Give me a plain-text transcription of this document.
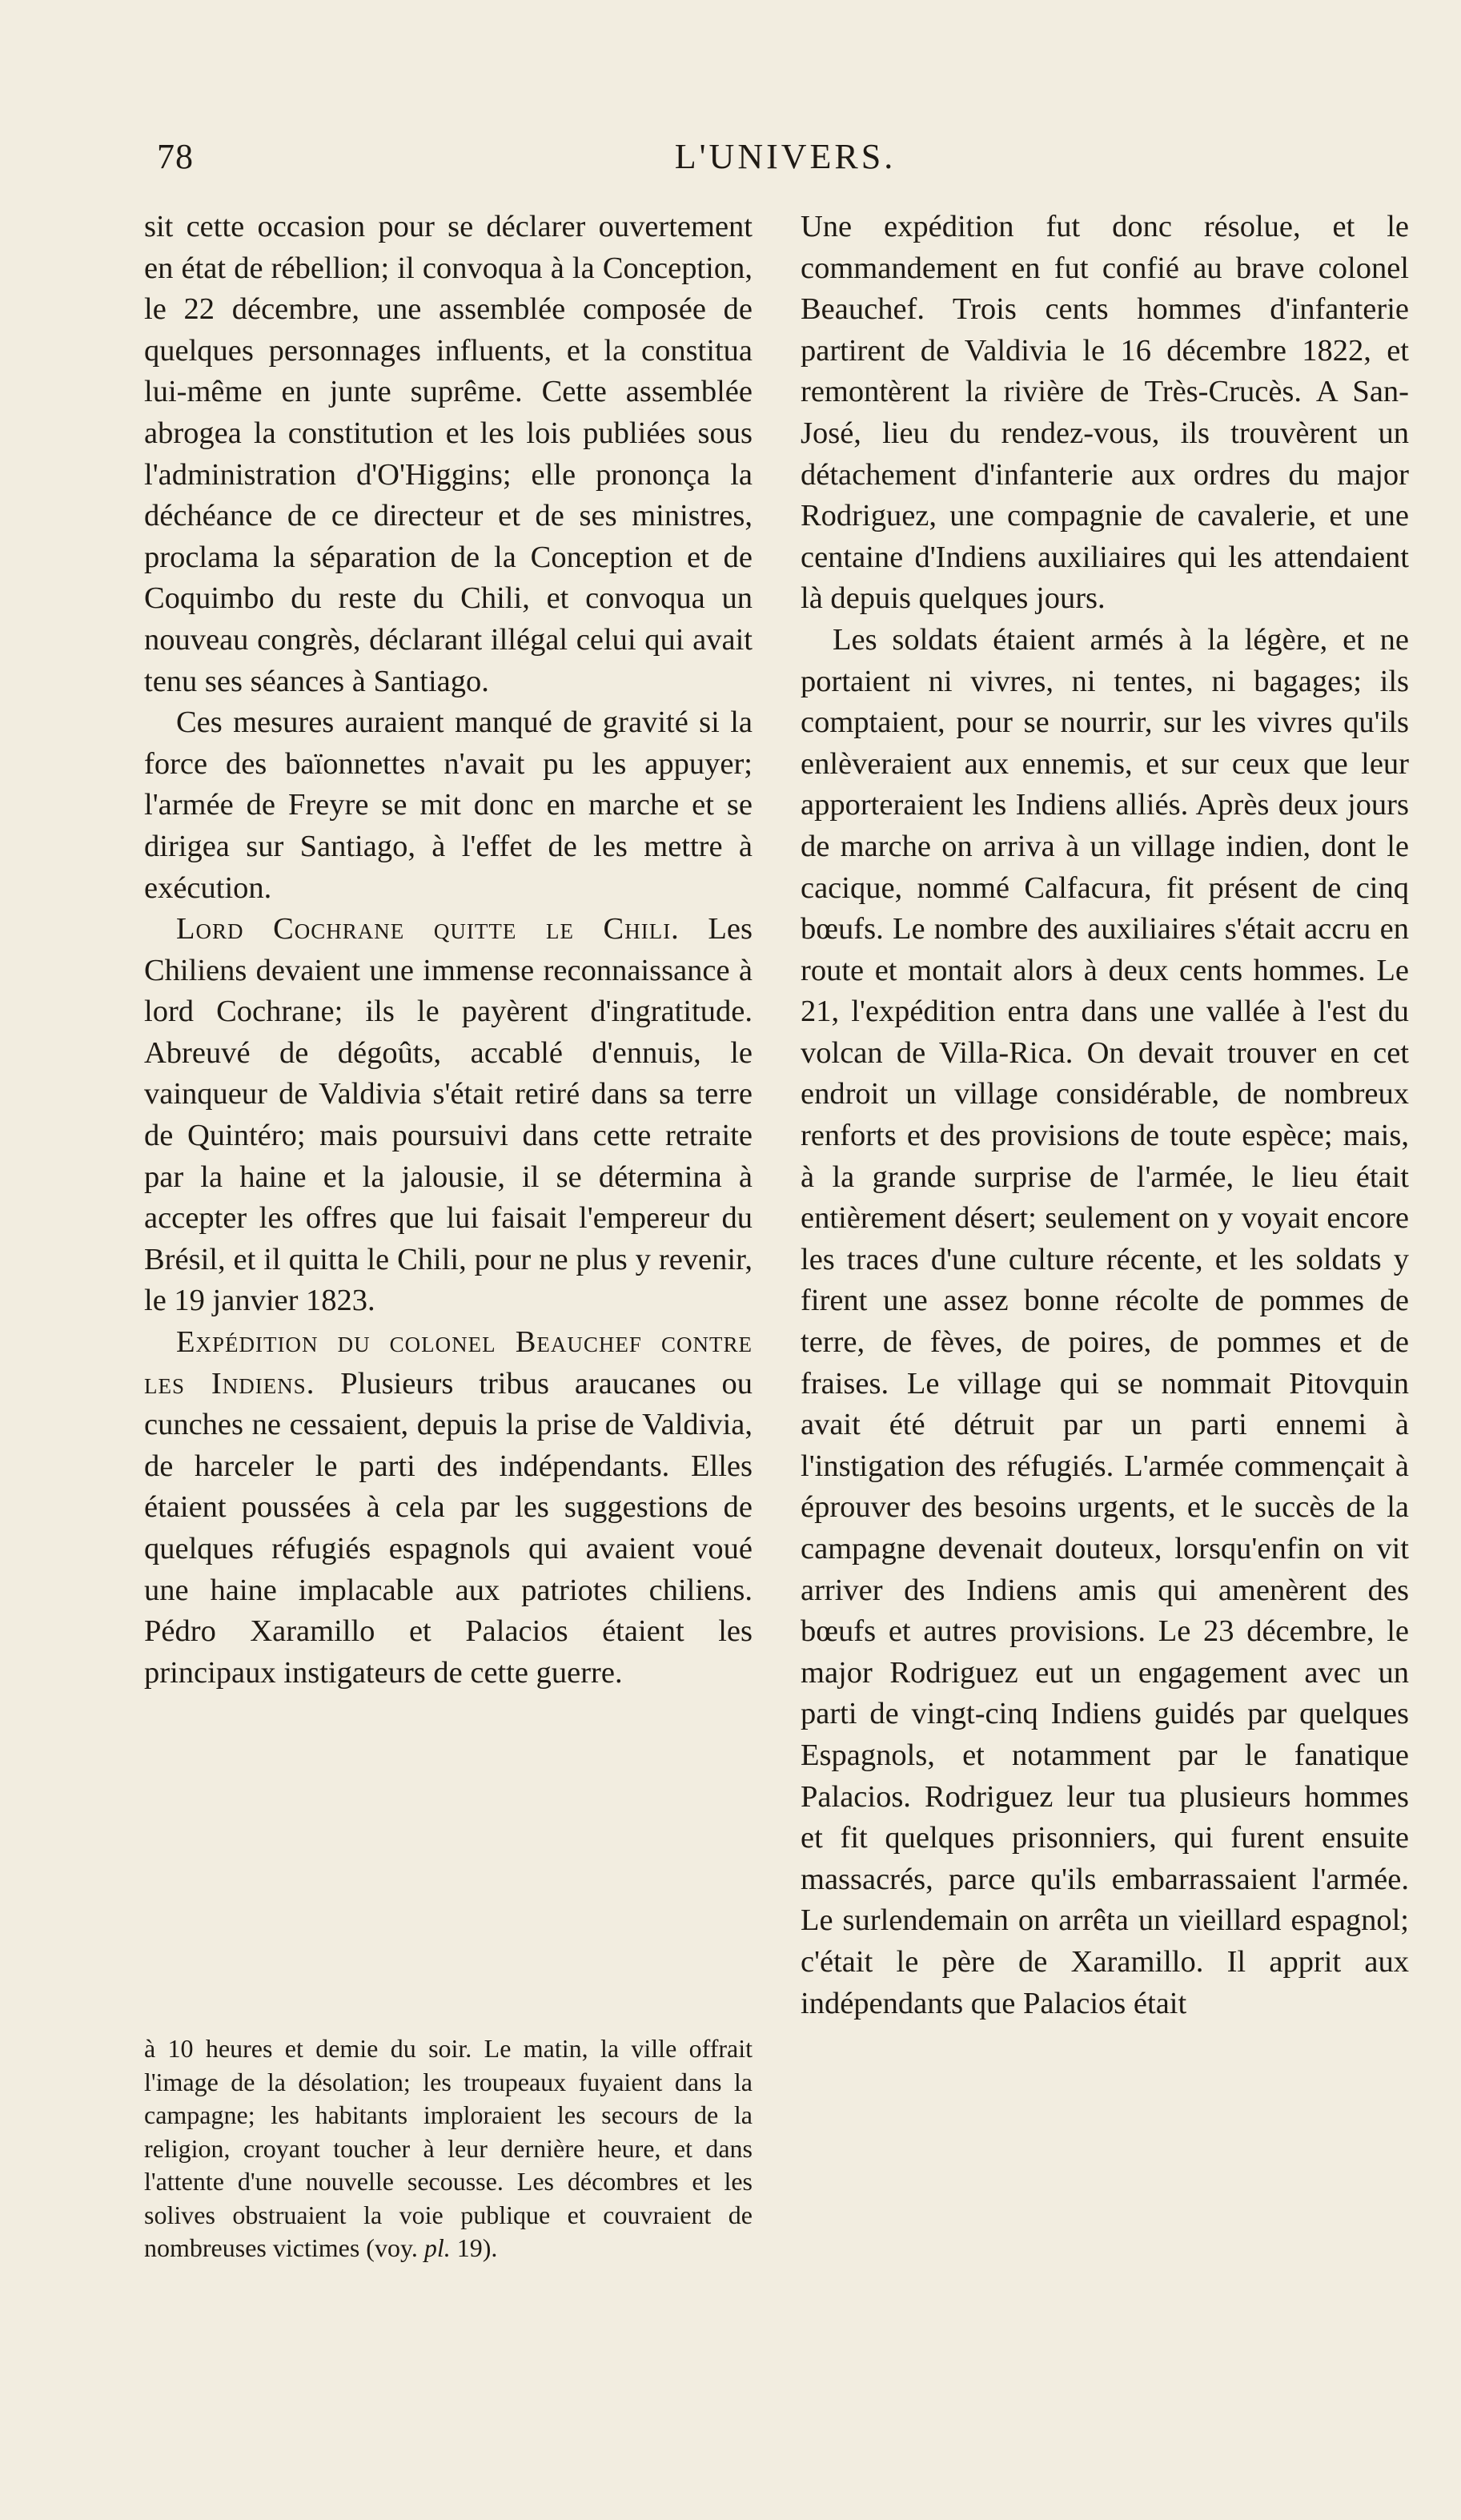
78	L'UNIVERS.

sit cette occasion pour se déclarer ouvertement en état de rébellion; il convoqua à la Conception, le 22 décembre, une assemblée composée de quelques personnages influents, et la constitua lui-même en junte suprême. Cette assemblée abrogea la constitution et les lois publiées sous l'administration d'O'Higgins; elle prononça la déchéance de ce directeur et de ses ministres, proclama la séparation de la Conception et de Coquimbo du reste du Chili, et convoqua un nouveau congrès, déclarant illégal celui qui avait tenu ses séances à Santiago.

Ces mesures auraient manqué de gravité si la force des baïonnettes n'avait pu les appuyer; l'armée de Freyre se mit donc en marche et se dirigea sur Santiago, à l'effet de les mettre à exécution.

Lord Cochrane quitte le Chili. Les Chiliens devaient une immense reconnaissance à lord Cochrane; ils le payèrent d'ingratitude. Abreuvé de dégoûts, accablé d'ennuis, le vainqueur de Valdivia s'était retiré dans sa terre de Quintéro; mais poursuivi dans cette retraite par la haine et la jalousie, il se détermina à accepter les offres que lui faisait l'empereur du Brésil, et il quitta le Chili, pour ne plus y revenir, le 19 janvier 1823.

Expédition du colonel Beauchef contre les Indiens. Plusieurs tribus araucanes ou cunches ne cessaient, depuis la prise de Valdivia, de harceler le parti des indépendants. Elles étaient poussées à cela par les suggestions de quelques réfugiés espagnols qui avaient voué une haine implacable aux patriotes chiliens. Pédro Xaramillo et Palacios étaient les principaux instigateurs de cette guerre.

à 10 heures et demie du soir. Le matin, la ville offrait l'image de la désolation; les troupeaux fuyaient dans la campagne; les habitants imploraient les secours de la religion, croyant toucher à leur dernière heure, et dans l'attente d'une nouvelle secousse. Les décombres et les solives obstruaient la voie publique et couvraient de nombreuses victimes (voy. pl. 19).

Une expédition fut donc résolue, et le commandement en fut confié au brave colonel Beauchef. Trois cents hommes d'infanterie partirent de Valdivia le 16 décembre 1822, et remontèrent la rivière de Très-Crucès. A San-José, lieu du rendez-vous, ils trouvèrent un détachement d'infanterie aux ordres du major Rodriguez, une compagnie de cavalerie, et une centaine d'Indiens auxiliaires qui les attendaient là depuis quelques jours.

Les soldats étaient armés à la légère, et ne portaient ni vivres, ni tentes, ni bagages; ils comptaient, pour se nourrir, sur les vivres qu'ils enlèveraient aux ennemis, et sur ceux que leur apporteraient les Indiens alliés. Après deux jours de marche on arriva à un village indien, dont le cacique, nommé Calfacura, fit présent de cinq bœufs. Le nombre des auxiliaires s'était accru en route et montait alors à deux cents hommes. Le 21, l'expédition entra dans une vallée à l'est du volcan de Villa-Rica. On devait trouver en cet endroit un village considérable, de nombreux renforts et des provisions de toute espèce; mais, à la grande surprise de l'armée, le lieu était entièrement désert; seulement on y voyait encore les traces d'une culture récente, et les soldats y firent une assez bonne récolte de pommes de terre, de fèves, de poires, de pommes et de fraises. Le village qui se nommait Pitovquin avait été détruit par un parti ennemi à l'instigation des réfugiés. L'armée commençait à éprouver des besoins urgents, et le succès de la campagne devenait douteux, lorsqu'enfin on vit arriver des Indiens amis qui amenèrent des bœufs et autres provisions. Le 23 décembre, le major Rodriguez eut un engagement avec un parti de vingt-cinq Indiens guidés par quelques Espagnols, et notamment par le fanatique Palacios. Rodriguez leur tua plusieurs hommes et fit quelques prisonniers, qui furent ensuite massacrés, parce qu'ils embarrassaient l'armée. Le surlendemain on arrêta un vieillard espagnol; c'était le père de Xaramillo. Il apprit aux indépendants que Palacios était
